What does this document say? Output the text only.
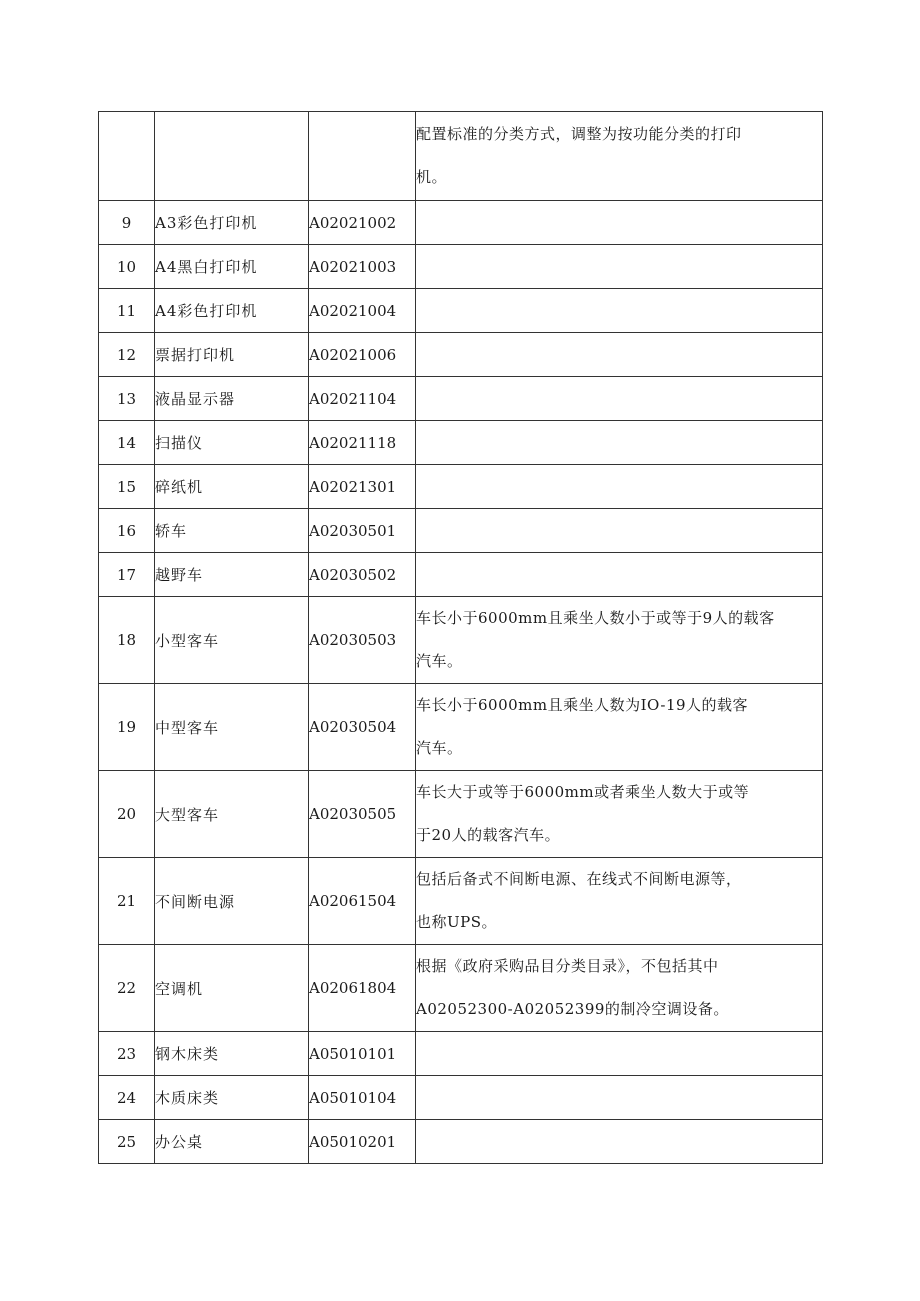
			配置标准的分类方式，调整为按功能分类的打印
机。

9	A3彩色打印机	A02021002	
10	A4黑白打印机	A02021003	
11	A4彩色打印机	A02021004	
12	票据打印机	A02021006	
13	液晶显示器	A02021104	
14	扫描仪	A02021118	
15	碎纸机	A02021301	
16	轿车	A02030501	
17	越野车	A02030502	
18	小型客车	A02030503	车长小于6000mm且乘坐人数小于或等于9人的载客
汽车。

19	中型客车	A02030504	车长小于6000mm且乘坐人数为IO-19人的载客
汽车。

20	大型客车	A02030505	车长大于或等于6000mm或者乘坐人数大于或等
于20人的载客汽车。

21	不间断电源	A02061504	包括后备式不间断电源、在线式不间断电源等，
也称UPS。

22	空调机	A02061804	根据《政府采购品目分类目录》，不包括其中
A02052300-A02052399的制冷空调设备。

23	钢木床类	A05010101	
24	木质床类	A05010104	
25	办公桌	A05010201	
